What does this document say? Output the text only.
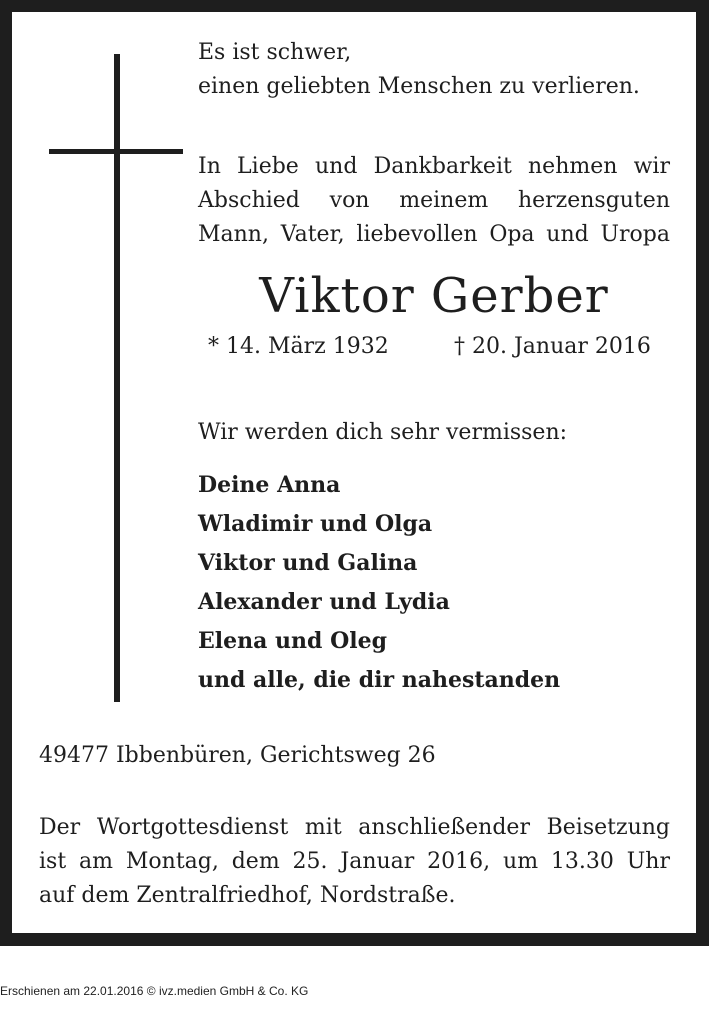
Es ist schwer,

einen geliebten Menschen zu verlieren.

In Liebe und Dankbarkeit nehmen wir

Abschied von meinem herzensguten

Mann, Vater, liebevollen Opa und Uropa

Viktor Gerber

* 14. März 1932	† 20. Januar 2016

Wir werden dich sehr vermissen:

Deine Anna

Wladimir und Olga

Viktor und Galina

Alexander und Lydia

Elena und Oleg

und alle, die dir nahestanden

49477 Ibbenbüren, Gerichtsweg 26

Der Wortgottesdienst mit anschließender Beisetzung

ist am Montag, dem 25. Januar 2016, um 13.30 Uhr

auf dem Zentralfriedhof, Nordstraße.

Erschienen am 22.01.2016 © ivz.medien GmbH & Co. KG
